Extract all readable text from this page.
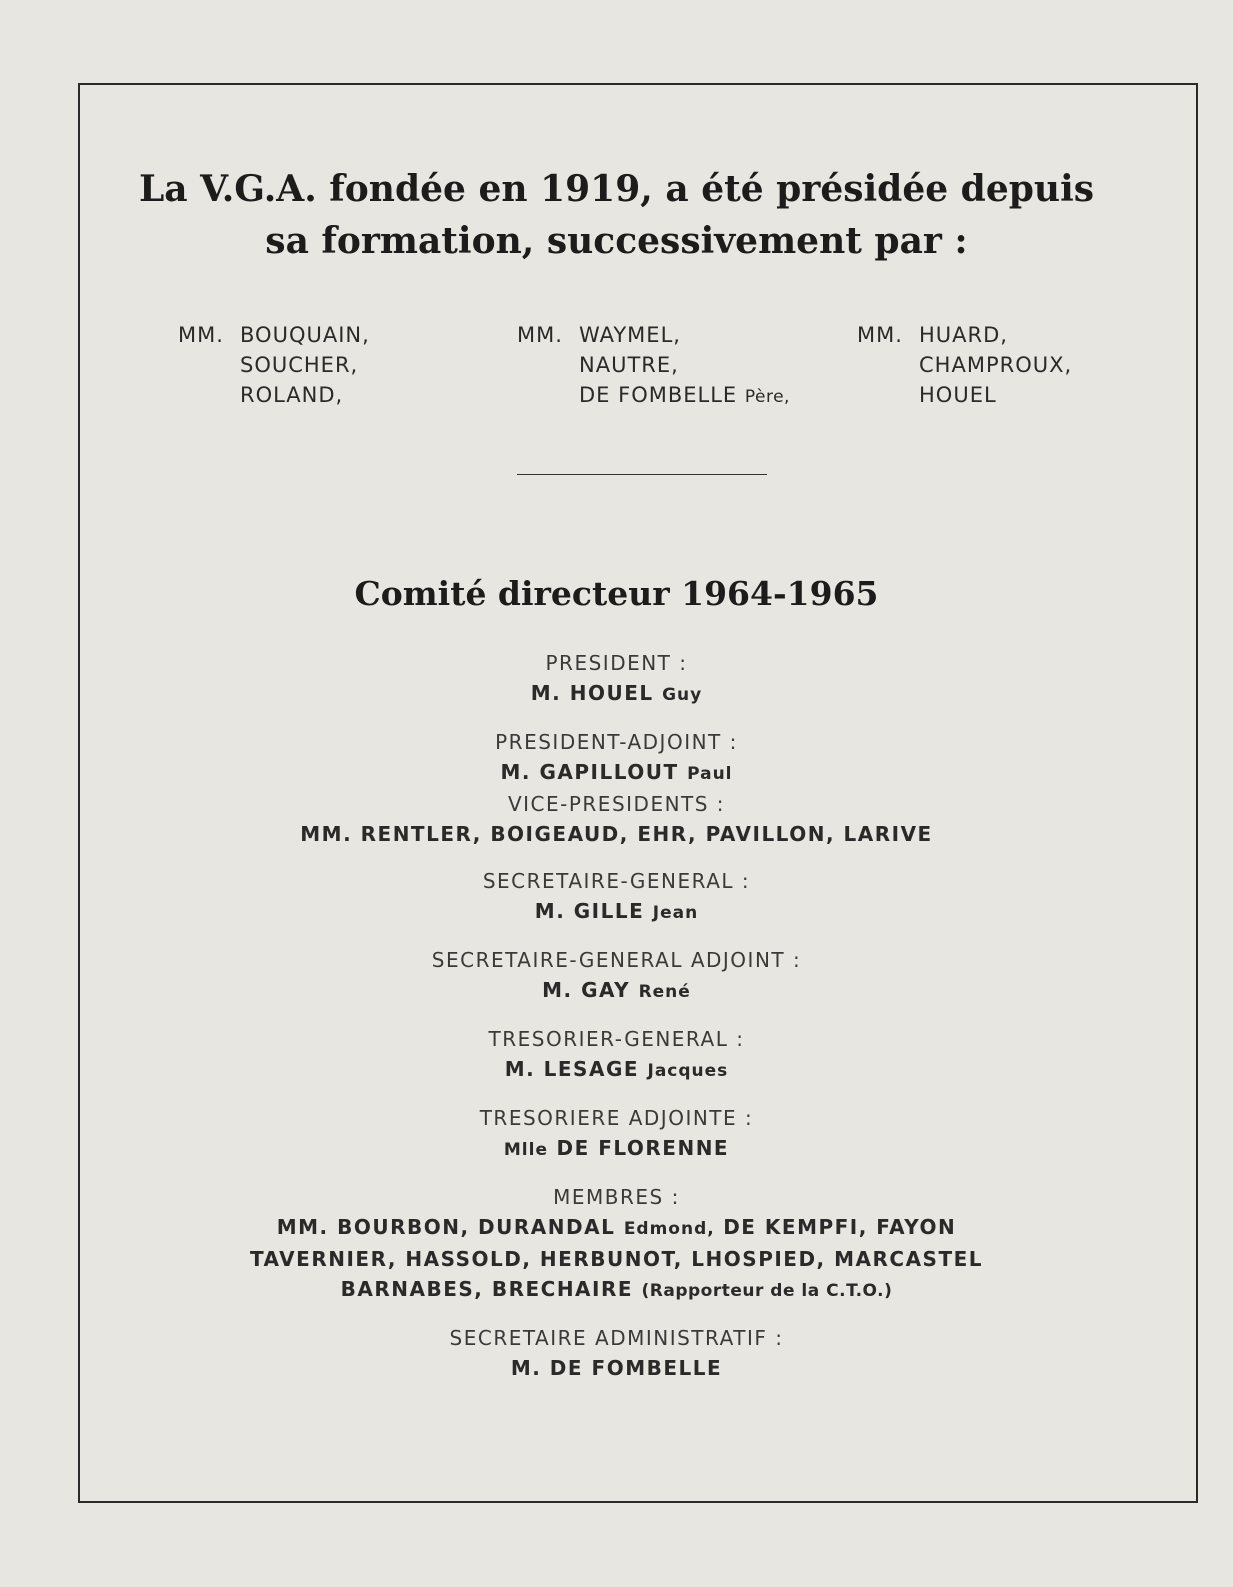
La V.G.A. fondée en 1919, a été présidée depuis
sa formation, successivement par :
MM. BOUQUAIN,
SOUCHER,
ROLAND,
MM. WAYMEL,
NAUTRE,
DE FOMBELLE Père,
MM. HUARD,
CHAMPROUX,
HOUEL
Comité directeur 1964-1965
PRESIDENT :
M. HOUEL Guy
PRESIDENT-ADJOINT :
M. GAPILLOUT Paul
VICE-PRESIDENTS :
MM. RENTLER, BOIGEAUD, EHR, PAVILLON, LARIVE
SECRETAIRE-GENERAL :
M. GILLE Jean
SECRETAIRE-GENERAL ADJOINT :
M. GAY René
TRESORIER-GENERAL :
M. LESAGE Jacques
TRESORIERE ADJOINTE :
Mlle DE FLORENNE
MEMBRES :
MM. BOURBON, DURANDAL Edmond, DE KEMPFI, FAYON
TAVERNIER, HASSOLD, HERBUNOT, LHOSPIED, MARCASTEL
BARNABES, BRECHAIRE (Rapporteur de la C.T.O.)
SECRETAIRE ADMINISTRATIF :
M. DE FOMBELLE
